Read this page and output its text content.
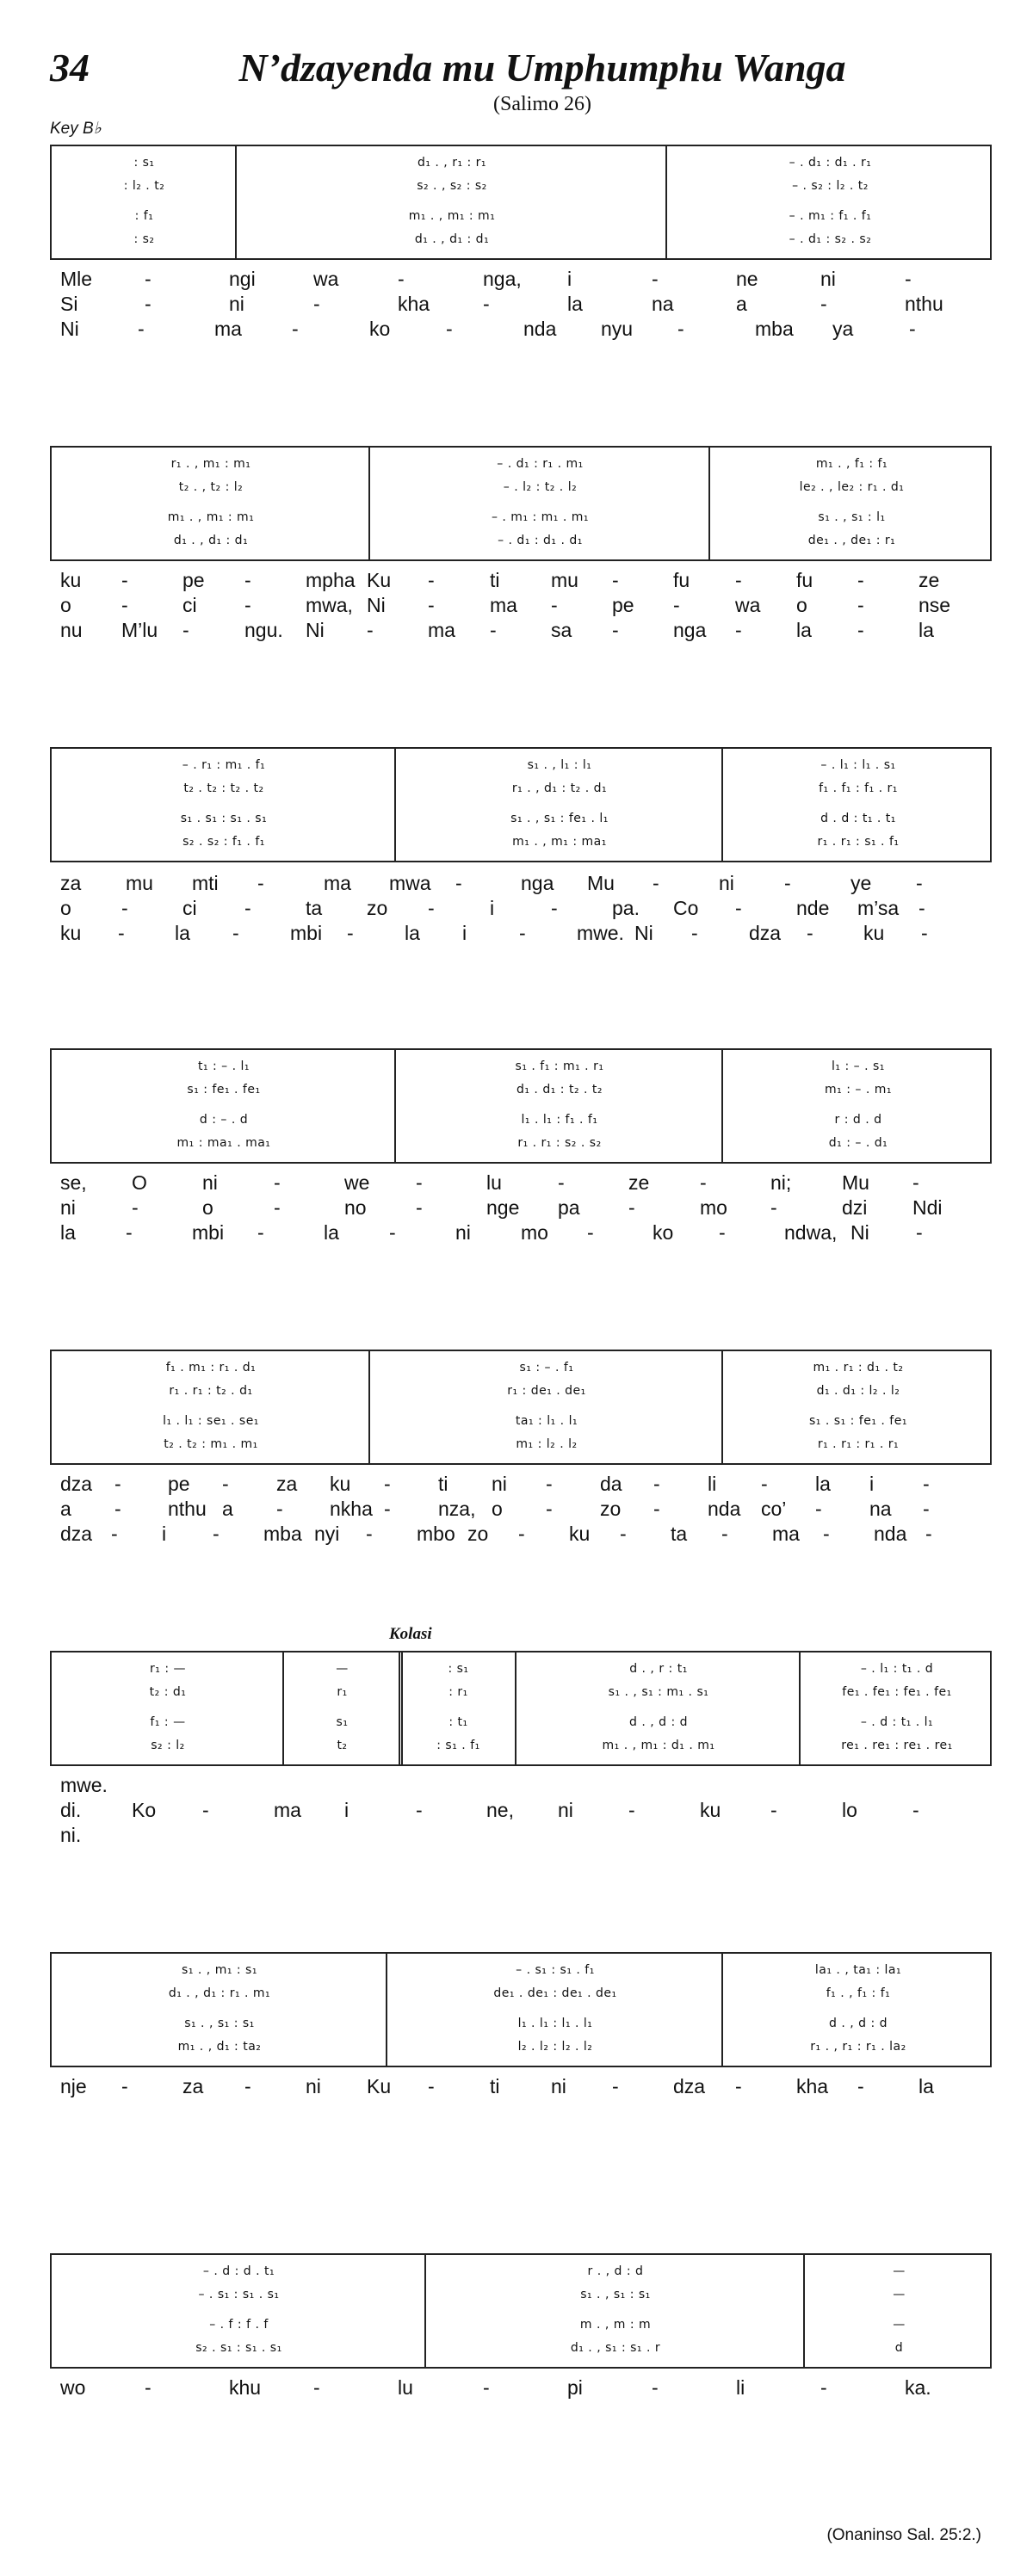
34	N’dzayenda mu Umphumphu Wanga
(Salimo 26)
Key B♭
Kolasi
(Onaninso Sal. 25:2.)
: s₁	d₁ . , r₁ : r₁	– . d₁ : d₁ . r₁
: l₂ . t₂	s₂ . , s₂ : s₂	– . s₂ : l₂ . t₂
: f₁	m₁ . , m₁ : m₁	– . m₁ : f₁ . f₁
: s₂	d₁ . , d₁ : d₁	– . d₁ : s₂ . s₂
Mle	-	ngi	wa	-	nga, i	-	ne	ni	-
Si	-	ni	-	kha	-	la	na	a	-	nthu
Ni	-	ma	-	ko	-	nda nyu -	mba ya	-
r₁ . , m₁ : m₁	– . d₁ : r₁ . m₁	m₁ . , f₁ : f₁
t₂ . , t₂ : l₂	– . l₂ : t₂ . l₂	le₂ . , le₂ : r₁ . d₁
m₁ . , m₁ : m₁	– . m₁ : m₁ . m₁	s₁ . , s₁ : l₁
d₁ . , d₁ : d₁	– . d₁ : d₁ . d₁	de₁ . , de₁ : r₁
ku -	pe -	mpha Ku -	ti	mu -	fu -	fu -	ze
o	-	ci -	mwa, Ni -	ma -	pe -	wa o	-	nse
nu M’lu -	ngu. Ni -	ma -	sa -	nga -	la -	la
– . r₁ : m₁ . f₁	s₁ . , l₁ : l₁	– . l₁ : l₁ . s₁
t₂ . t₂ : t₂ . t₂	r₁ . , d₁ : t₂ . d₁	f₁ . f₁ : f₁ . r₁
s₁ . s₁ : s₁ . s₁	s₁ . , s₁ : fe₁ . l₁	d . d : t₁ . t₁
s₂ . s₂ : f₁ . f₁	m₁ . , m₁ : ma₁	r₁ . r₁ : s₁ . f₁
za mu mti -	ma mwa -	nga Mu -	ni	-	ye -
o	-	ci -	ta zo -	i	-	pa. Co -	nde m’sa -
ku -	la -	mbi -	la i	-	mwe. Ni -	dza -	ku -
t₁ : – . l₁	s₁ . f₁ : m₁ . r₁	l₁ : – . s₁
s₁ : fe₁ . fe₁	d₁ . d₁ : t₂ . t₂	m₁ : – . m₁
d : – . d	l₁ . l₁ : f₁ . f₁	r : d . d
m₁ : ma₁ . ma₁	r₁ . r₁ : s₂ . s₂	d₁ : – . d₁
se, O	ni	-	we -	lu	-	ze	-	ni;	Mu -
ni	-	o	-	no -	nge pa -	mo -	dzi Ndi
la	-	mbi -	la	-	ni	mo -	ko -	ndwa, Ni -
f₁ . m₁ : r₁ . d₁	s₁ : – . f₁	m₁ . r₁ : d₁ . t₂
r₁ . r₁ : t₂ . d₁	r₁ : de₁ . de₁	d₁ . d₁ : l₂ . l₂
l₁ . l₁ : se₁ . se₁	ta₁ : l₁ . l₁	s₁ . s₁ : fe₁ . fe₁
t₂ . t₂ : m₁ . m₁	m₁ : l₂ . l₂	r₁ . r₁ : r₁ . r₁
dza - pe - za ku - ti ni - da - li - la i -
a - nthu a - nkha - nza, o - zo - nda co’ - na -
dza - i - mba nyi - mbo zo - ku - ta - ma - nda -
r₁ : —	—	: s₁	d . , r : t₁	– . l₁ : t₁ . d
t₂ : d₁	r₁	: r₁	s₁ . , s₁ : m₁ . s₁	fe₁ . fe₁ : fe₁ . fe₁
f₁ : —	s₁	: t₁	d . , d : d	– . d : t₁ . l₁
s₂ : l₂	t₂	: s₁ . f₁	m₁ . , m₁ : d₁ . m₁	re₁ . re₁ : re₁ . re₁
mwe.
di.	Ko -	ma i	-	ne, ni	-	ku	-	lo	-
ni.
s₁ . , m₁ : s₁	– . s₁ : s₁ . f₁	la₁ . , ta₁ : la₁
d₁ . , d₁ : r₁ . m₁	de₁ . de₁ : de₁ . de₁	f₁ . , f₁ : f₁
s₁ . , s₁ : s₁	l₁ . l₁ : l₁ . l₁	d . , d : d
m₁ . , d₁ : ta₂	l₂ . l₂ : l₂ . l₂	r₁ . , r₁ : r₁ . la₂
nje -	za -	ni Ku -	ti	ni -	dza -	kha -	la
– . d : d . t₁	r . , d : d	—
– . s₁ : s₁ . s₁	s₁ . , s₁ : s₁	—
– . f : f . f	m . , m : m	—
s₂ . s₁ : s₁ . s₁	d₁ . , s₁ : s₁ . r	d
wo	-	khu	-	lu	-	pi	-	li	-	ka.
